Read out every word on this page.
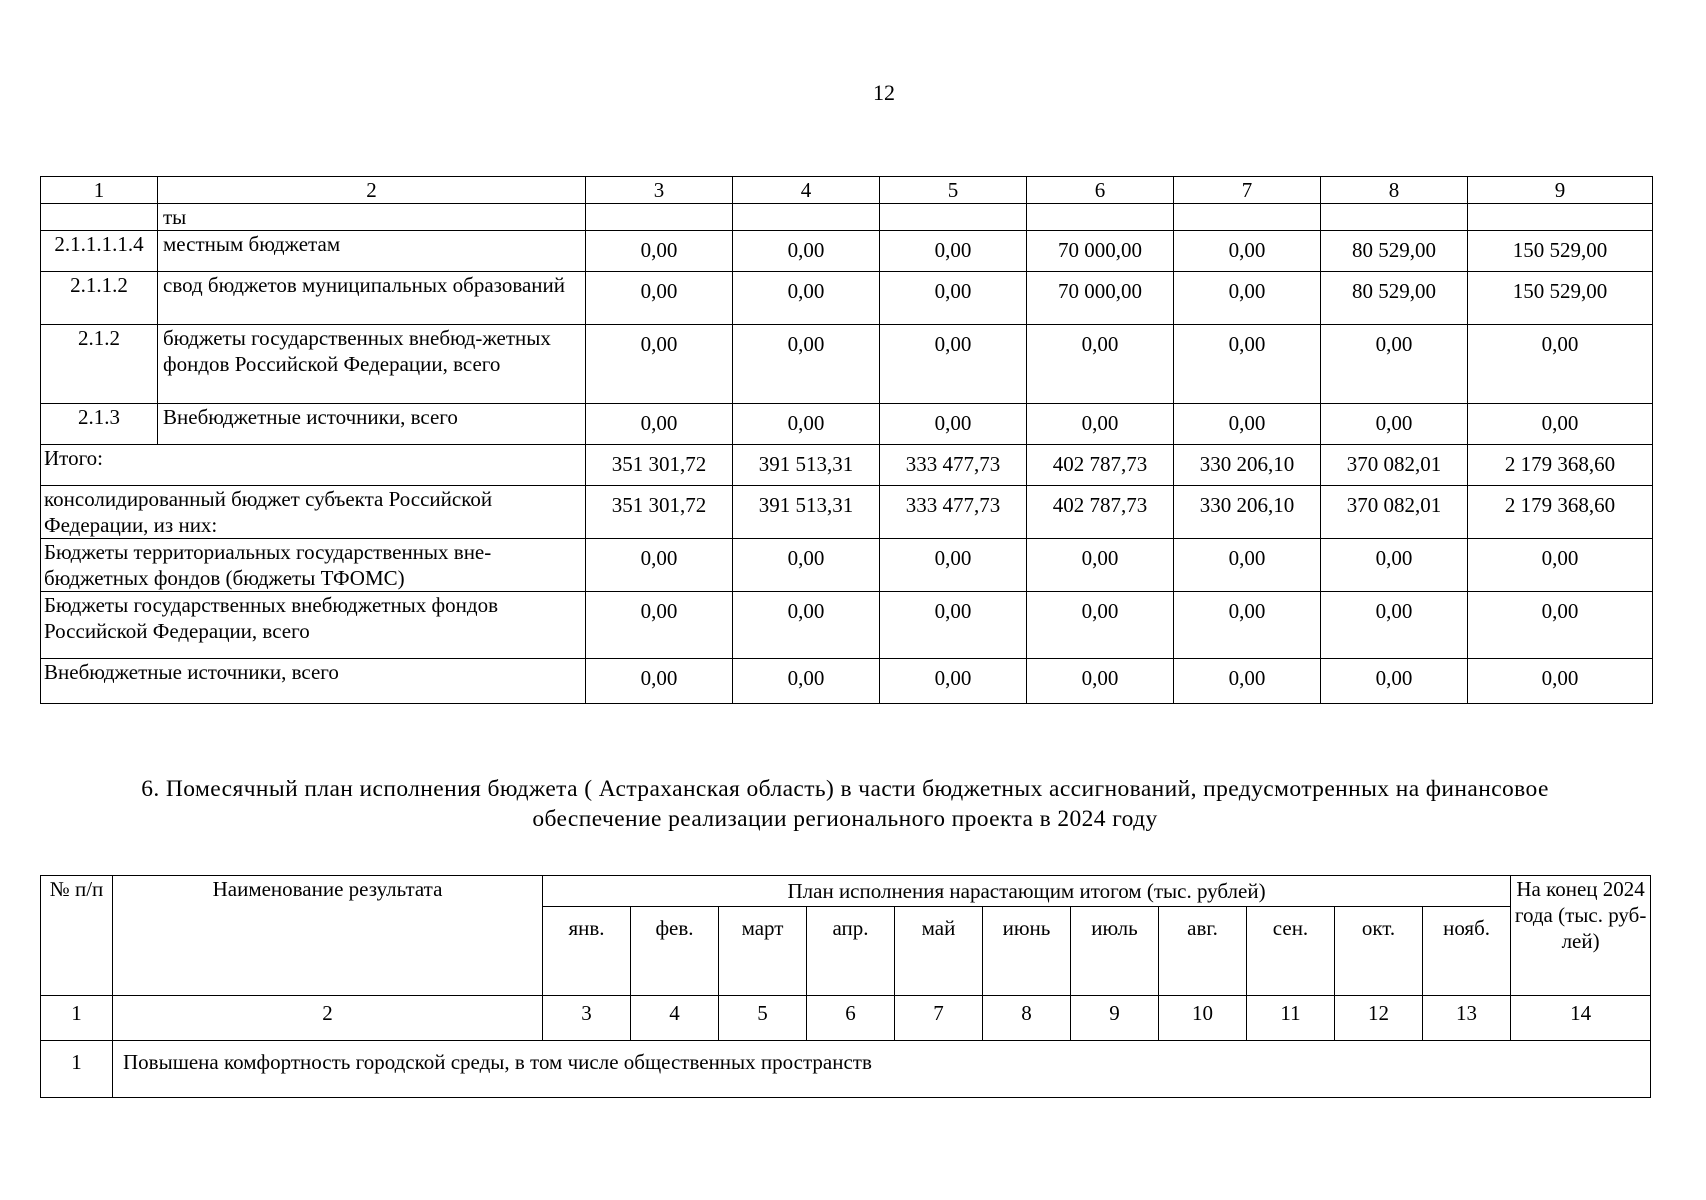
12
1	2	3	4	5	6	7	8	9
	ты							
2.1.1.1.1.4	местным бюджетам	0,00	0,00	0,00	70 000,00	0,00	80 529,00	150 529,00
2.1.1.2	свод бюджетов муниципальных образований	0,00	0,00	0,00	70 000,00	0,00	80 529,00	150 529,00
2.1.2	бюджеты государственных внебюд-жетных фондов Российской Федерации, всего	0,00	0,00	0,00	0,00	0,00	0,00	0,00
2.1.3	Внебюджетные источники, всего	0,00	0,00	0,00	0,00	0,00	0,00	0,00
Итого:		351 301,72	391 513,31	333 477,73	402 787,73	330 206,10	370 082,01	2 179 368,60
консолидированный бюджет субъекта Российской Федерации, из них:		351 301,72	391 513,31	333 477,73	402 787,73	330 206,10	370 082,01	2 179 368,60
Бюджеты территориальных государственных вне-бюджетных фондов (бюджеты ТФОМС)		0,00	0,00	0,00	0,00	0,00	0,00	0,00
Бюджеты государственных внебюджетных фондов Российской Федерации, всего		0,00	0,00	0,00	0,00	0,00	0,00	0,00
Внебюджетные источники, всего		0,00	0,00	0,00	0,00	0,00	0,00	0,00
6. Помесячный план исполнения бюджета ( Астраханская область) в части бюджетных ассигнований, предусмотренных на финансовое обеспечение реализации регионального проекта в 2024 году
№ п/п	Наименование результата	План исполнения нарастающим итогом (тыс. рублей)											На конец 2024 года (тыс. руб-лей)
		янв.	фев.	март	апр.	май	июнь	июль	авг.	сен.	окт.	нояб.	
1	2	3	4	5	6	7	8	9	10	11	12	13	14
1	Повышена комфортность городской среды, в том числе общественных пространств												
